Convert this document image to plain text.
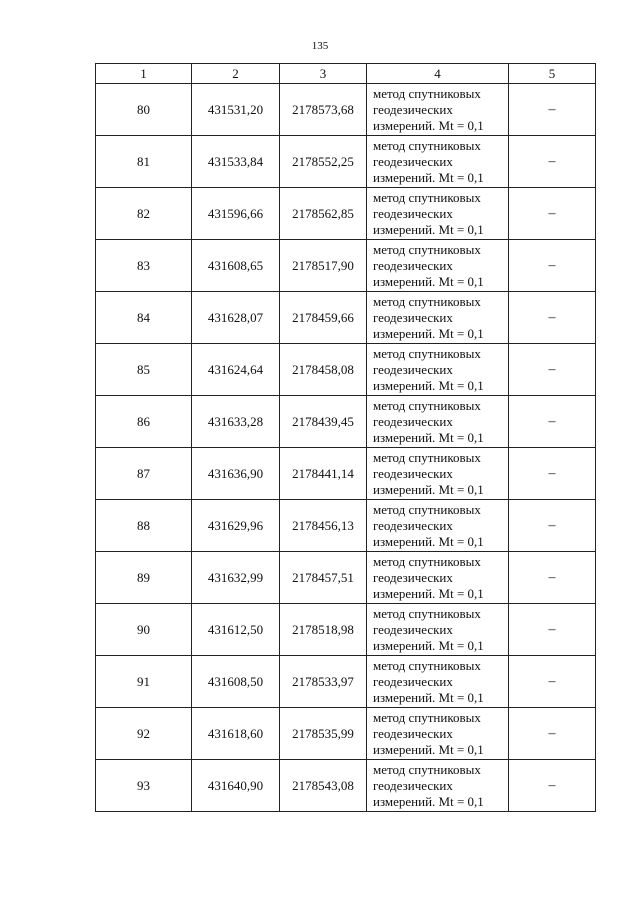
135
1	2	3	4	5
80	431531,20	2178573,68	метод спутниковых
геодезических
измерений. Mt = 0,1	–
81	431533,84	2178552,25	метод спутниковых
геодезических
измерений. Mt = 0,1	–
82	431596,66	2178562,85	метод спутниковых
геодезических
измерений. Mt = 0,1	–
83	431608,65	2178517,90	метод спутниковых
геодезических
измерений. Mt = 0,1	–
84	431628,07	2178459,66	метод спутниковых
геодезических
измерений. Mt = 0,1	–
85	431624,64	2178458,08	метод спутниковых
геодезических
измерений. Mt = 0,1	–
86	431633,28	2178439,45	метод спутниковых
геодезических
измерений. Mt = 0,1	–
87	431636,90	2178441,14	метод спутниковых
геодезических
измерений. Mt = 0,1	–
88	431629,96	2178456,13	метод спутниковых
геодезических
измерений. Mt = 0,1	–
89	431632,99	2178457,51	метод спутниковых
геодезических
измерений. Mt = 0,1	–
90	431612,50	2178518,98	метод спутниковых
геодезических
измерений. Mt = 0,1	–
91	431608,50	2178533,97	метод спутниковых
геодезических
измерений. Mt = 0,1	–
92	431618,60	2178535,99	метод спутниковых
геодезических
измерений. Mt = 0,1	–
93	431640,90	2178543,08	метод спутниковых
геодезических
измерений. Mt = 0,1	–
